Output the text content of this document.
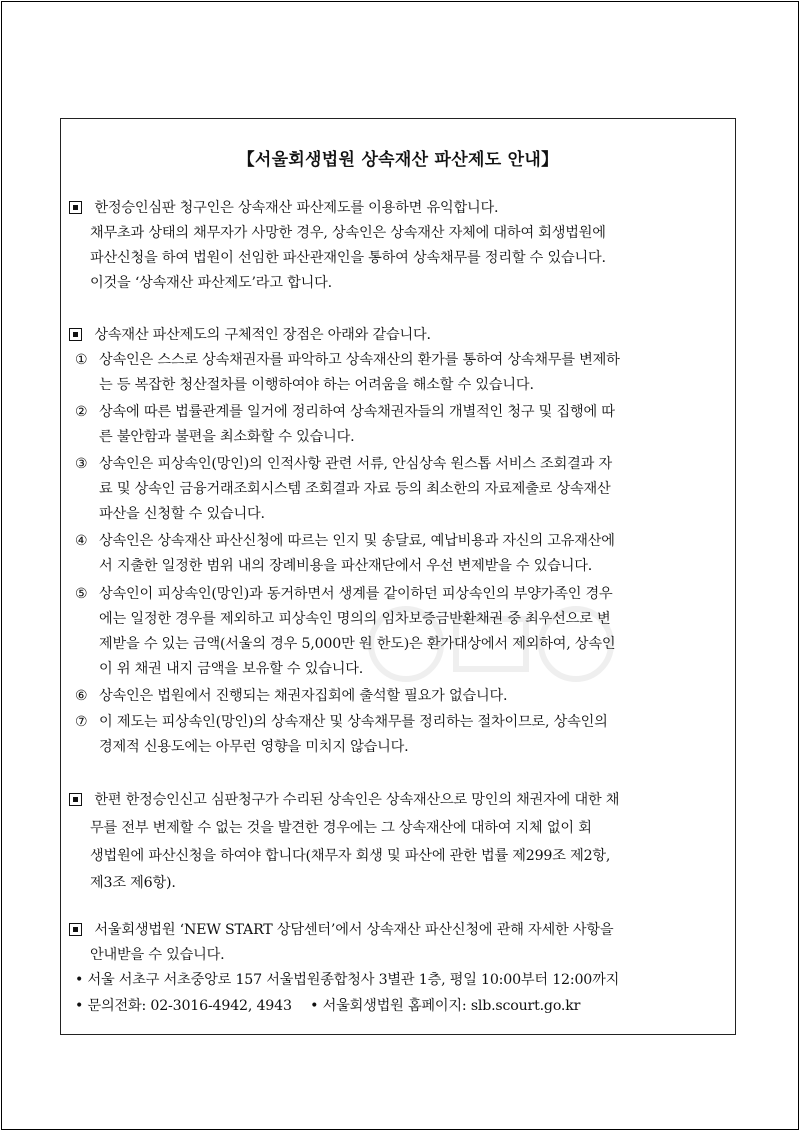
【서울회생법원 상속재산 파산제도 안내】
한정승인심판 청구인은 상속재산 파산제도를 이용하면 유익합니다.
채무초과 상태의 채무자가 사망한 경우, 상속인은 상속재산 자체에 대하여 회생법원에
파산신청을 하여 법원이 선임한 파산관재인을 통하여 상속채무를 정리할 수 있습니다.
이것을 ‘상속재산 파산제도’라고 합니다.
상속재산 파산제도의 구체적인 장점은 아래와 같습니다.
① 상속인은 스스로 상속채권자를 파악하고 상속재산의 환가를 통하여 상속채무를 변제하
는 등 복잡한 청산절차를 이행하여야 하는 어려움을 해소할 수 있습니다.
② 상속에 따른 법률관계를 일거에 정리하여 상속채권자들의 개별적인 청구 및 집행에 따
른 불안함과 불편을 최소화할 수 있습니다.
③ 상속인은 피상속인(망인)의 인적사항 관련 서류, 안심상속 원스톱 서비스 조회결과 자
료 및 상속인 금융거래조회시스템 조회결과 자료 등의 최소한의 자료제출로 상속재산
파산을 신청할 수 있습니다.
④ 상속인은 상속재산 파산신청에 따르는 인지 및 송달료, 예납비용과 자신의 고유재산에
서 지출한 일정한 범위 내의 장례비용을 파산재단에서 우선 변제받을 수 있습니다.
⑤ 상속인이 피상속인(망인)과 동거하면서 생계를 같이하던 피상속인의 부양가족인 경우
에는 일정한 경우를 제외하고 피상속인 명의의 임차보증금반환채권 중 최우선으로 변
제받을 수 있는 금액(서울의 경우 5,000만 원 한도)은 환가대상에서 제외하여, 상속인
이 위 채권 내지 금액을 보유할 수 있습니다.
⑥ 상속인은 법원에서 진행되는 채권자집회에 출석할 필요가 없습니다.
⑦ 이 제도는 피상속인(망인)의 상속재산 및 상속채무를 정리하는 절차이므로, 상속인의
경제적 신용도에는 아무런 영향을 미치지 않습니다.
한편 한정승인신고 심판청구가 수리된 상속인은 상속재산으로 망인의 채권자에 대한 채
무를 전부 변제할 수 없는 것을 발견한 경우에는 그 상속재산에 대하여 지체 없이 회
생법원에 파산신청을 하여야 합니다(채무자 회생 및 파산에 관한 법률 제299조 제2항,
제3조 제6항).
서울회생법원 ‘NEW START 상담센터’에서 상속재산 파산신청에 관해 자세한 사항을
안내받을 수 있습니다.
• 서울 서초구 서초중앙로 157 서울법원종합청사 3별관 1층, 평일 10:00부터 12:00까지
• 문의전화: 02-3016-4942, 4943 • 서울회생법원 홈페이지: slb.scourt.go.kr
